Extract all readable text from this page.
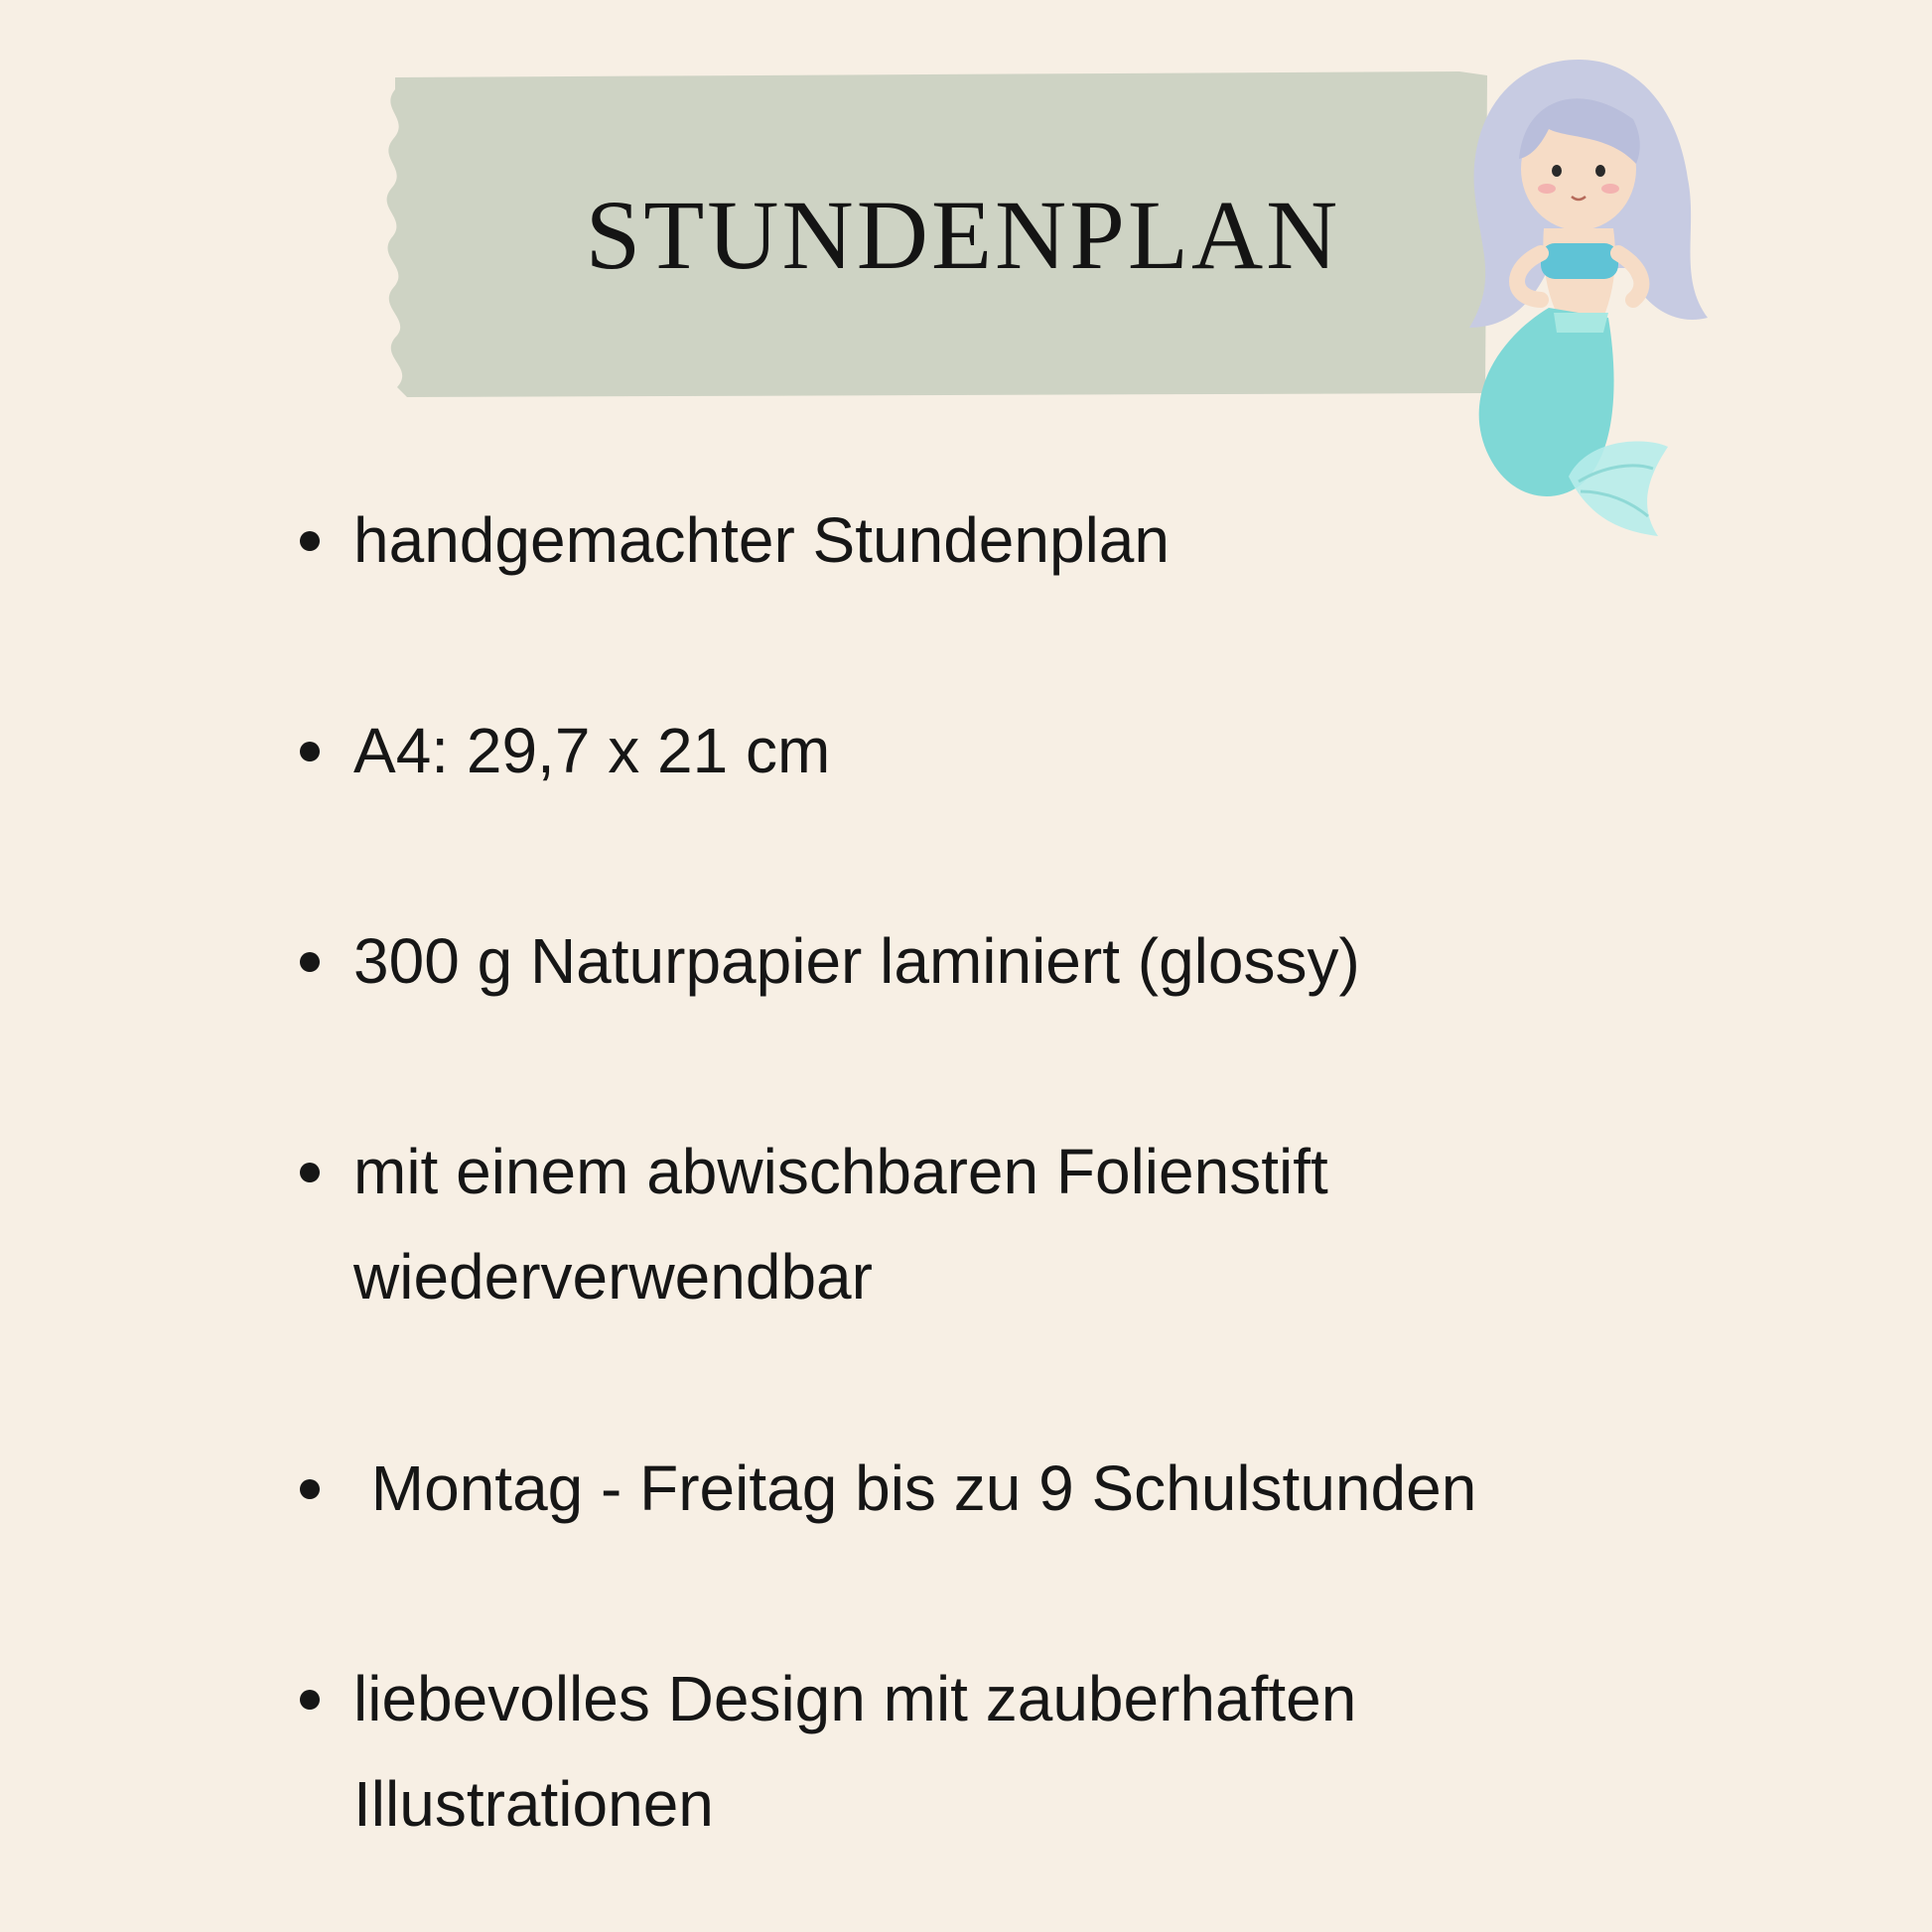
STUNDENPLAN
handgemachter Stundenplan
A4: 29,7 x 21 cm
300 g Naturpapier laminiert (glossy)
mit einem abwischbaren Folienstift
wiederverwendbar
Montag - Freitag bis zu 9 Schulstunden
liebevolles Design mit zauberhaften
Illustrationen
